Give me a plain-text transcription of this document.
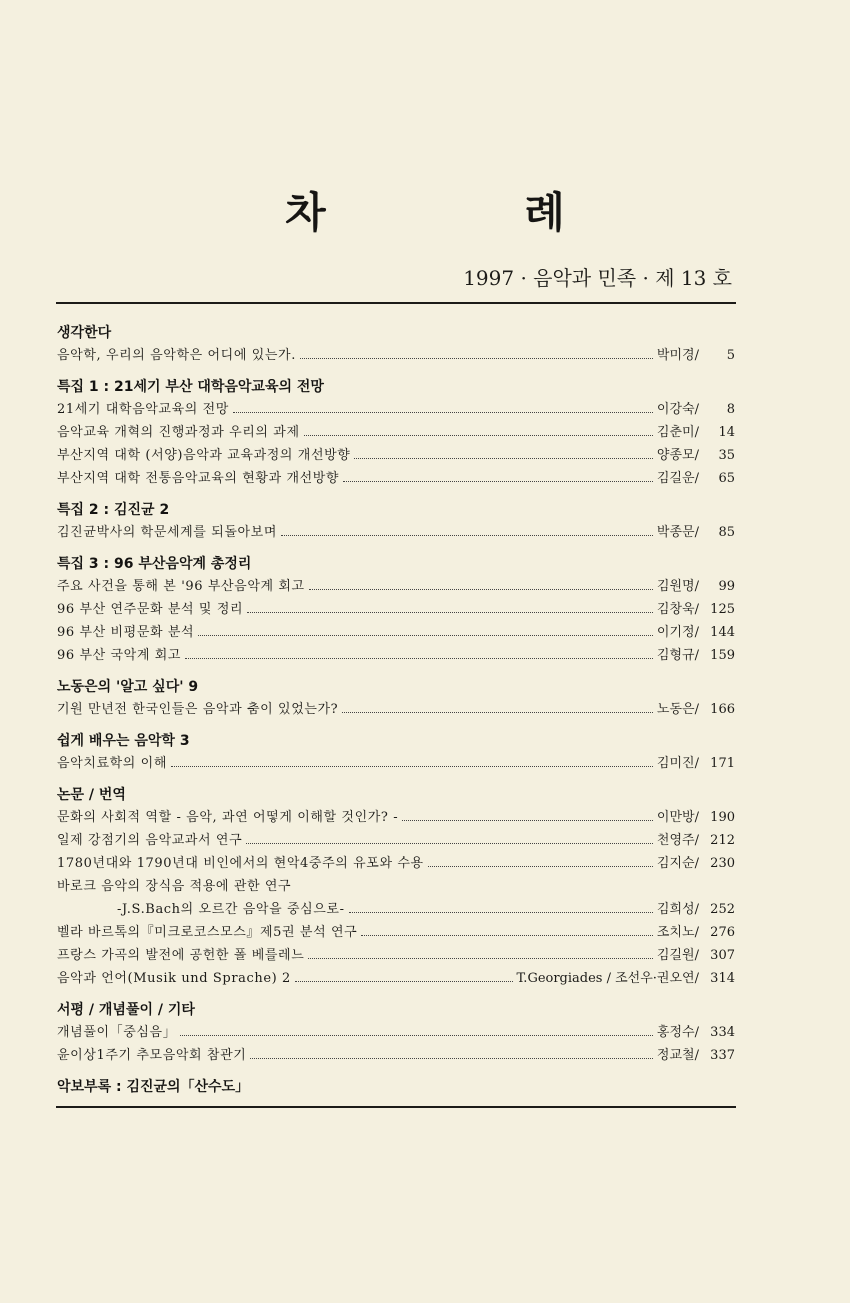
차 례
1997 · 음악과 민족 · 제 13 호
생각한다
음악학, 우리의 음악학은 어디에 있는가.	박미경 /	5
특집 1 : 21세기 부산 대학음악교육의 전망
21세기 대학음악교육의 전망	이강숙 /	8
음악교육 개혁의 진행과정과 우리의 과제	김춘미 /	14
부산지역 대학 (서양)음악과 교육과정의 개선방향	양종모 /	35
부산지역 대학 전통음악교육의 현황과 개선방향	김길운 /	65
특집 2 : 김진균 2
김진균박사의 학문세계를 되돌아보며	박종문 /	85
특집 3 : 96 부산음악계 총정리
주요 사건을 통해 본 '96 부산음악계 회고	김원명 /	99
96 부산 연주문화 분석 및 정리	김창욱 / 125
96 부산 비평문화 분석	이기정 / 144
96 부산 국악계 회고	김형규 / 159
노동은의 '알고 싶다' 9
기원 만년전 한국인들은 음악과 춤이 있었는가?	노동은 / 166
쉽게 배우는 음악학 3
음악치료학의 이해	김미진 / 171
논문 / 번역
문화의 사회적 역할 - 음악, 과연 어떻게 이해할 것인가? -	이만방 / 190
일제 강점기의 음악교과서 연구	천영주 / 212
1780년대와 1790년대 비인에서의 현악4중주의 유포와 수용	김지순 / 230
바로크 음악의 장식음 적용에 관한 연구
-J.S.Bach의 오르간 음악을 중심으로-	김희성 / 252
벨라 바르톡의『미크로코스모스』제5권 분석 연구	조치노 / 276
프랑스 가곡의 발전에 공헌한 폴 베를레느	김길원 / 307
음악과 언어(Musik und Sprache) 2	T.Georgiades / 조선우·권오연 / 314
서평 / 개념풀이 / 기타
개념풀이「중심음」	홍정수 / 334
윤이상1주기 추모음악회 참관기	정교철 / 337
악보부록 : 김진균의「산수도」
